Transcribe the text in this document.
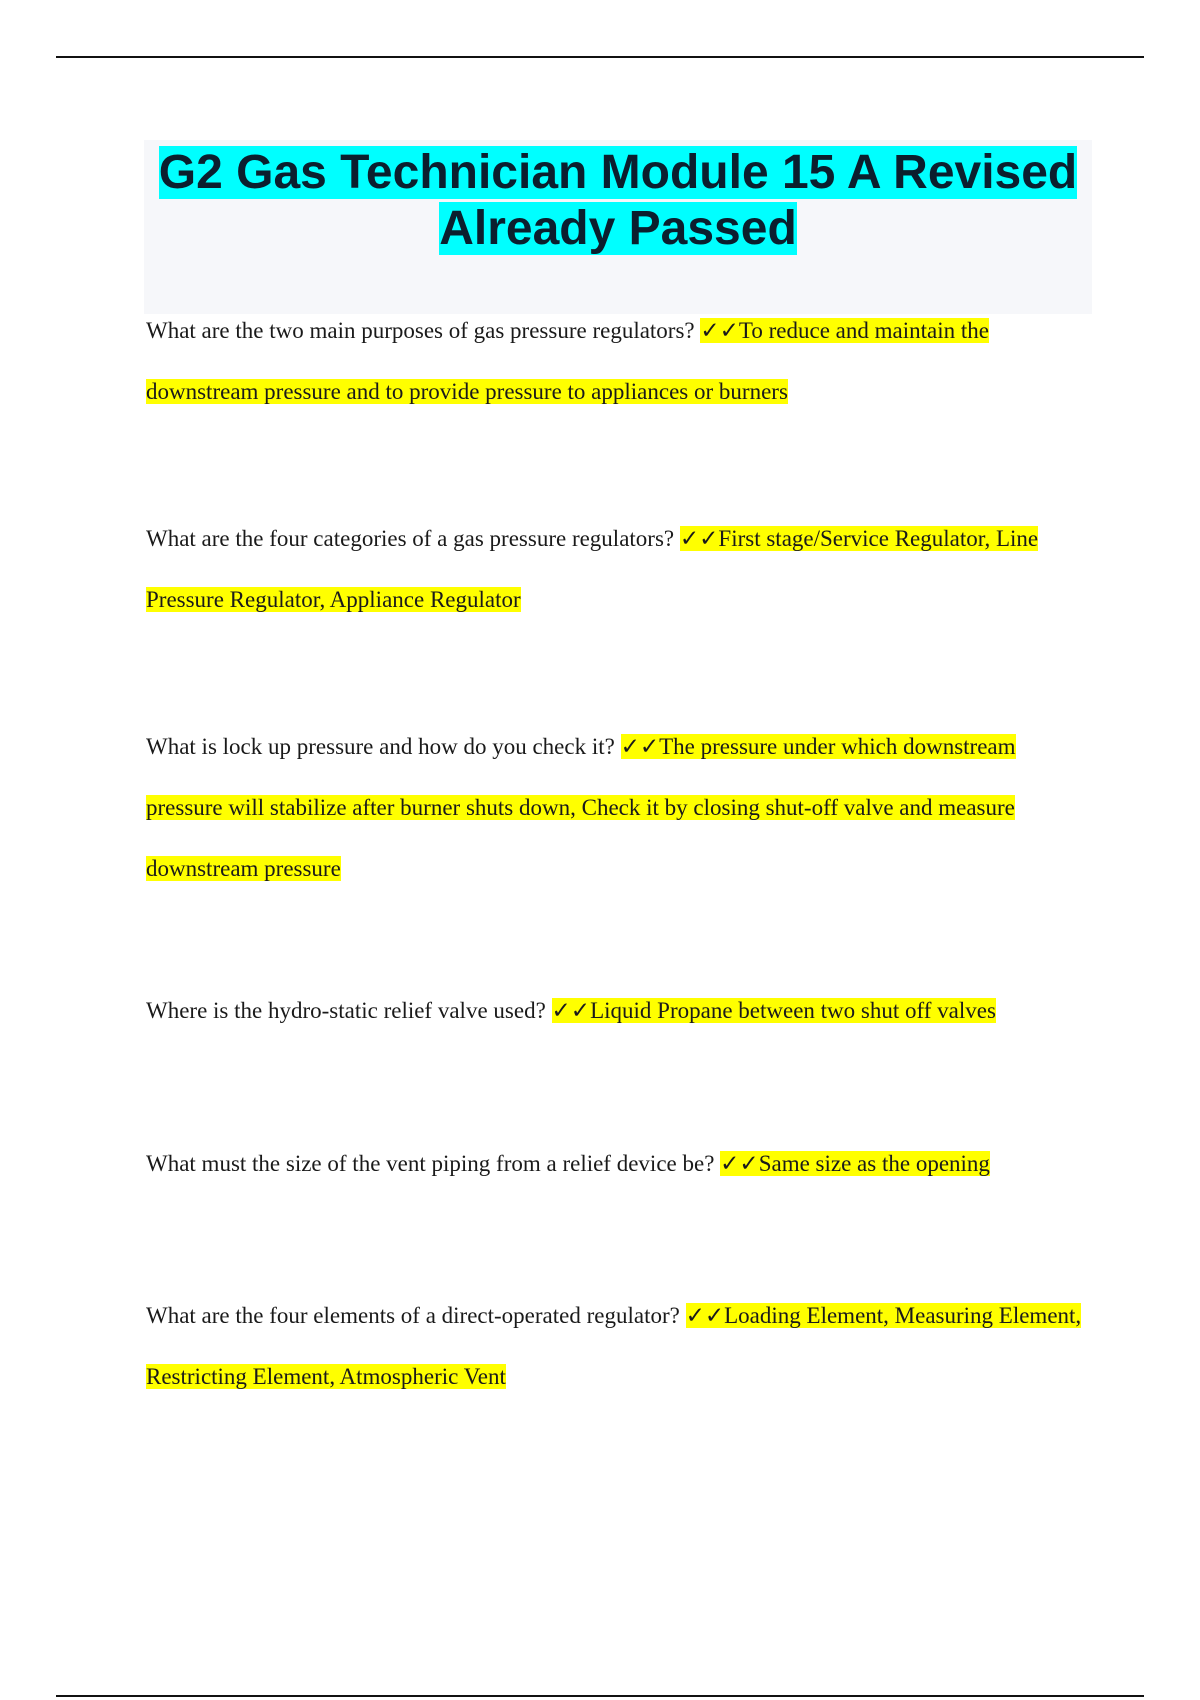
G2 Gas Technician Module 15 A Revised
Already Passed

What are the two main purposes of gas pressure regulators? ✓✓To reduce and maintain the downstream pressure and to provide pressure to appliances or burners

What are the four categories of a gas pressure regulators? ✓✓First stage/Service Regulator, Line Pressure Regulator, Appliance Regulator

What is lock up pressure and how do you check it? ✓✓The pressure under which downstream pressure will stabilize after burner shuts down, Check it by closing shut-off valve and measure downstream pressure

Where is the hydro-static relief valve used? ✓✓Liquid Propane between two shut off valves

What must the size of the vent piping from a relief device be? ✓✓Same size as the opening

What are the four elements of a direct-operated regulator? ✓✓Loading Element, Measuring Element, Restricting Element, Atmospheric Vent
